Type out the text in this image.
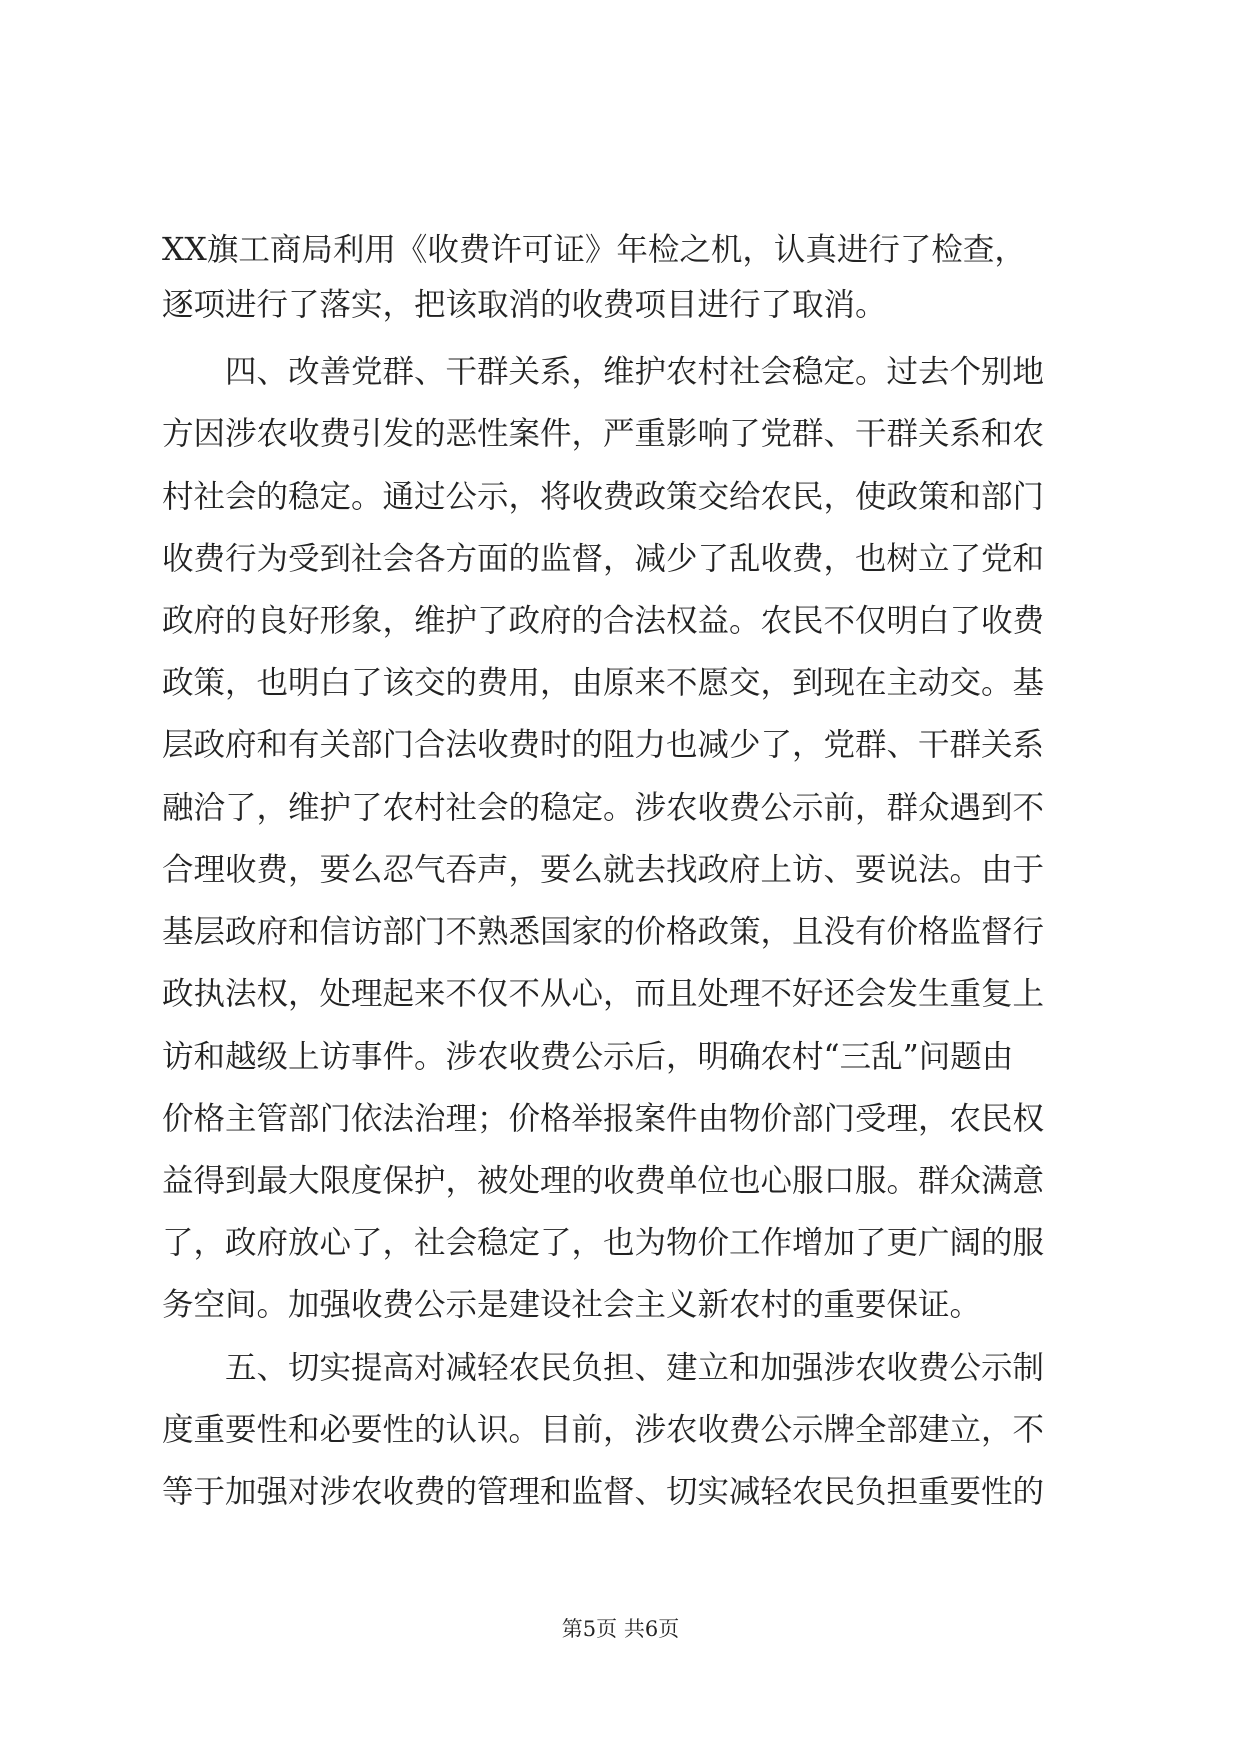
XX旗工商局利用《收费许可证》年检之机，认真进行了检查，

逐项进行了落实，把该取消的收费项目进行了取消。

　　四、改善党群、干群关系，维护农村社会稳定。过去个别地

方因涉农收费引发的恶性案件，严重影响了党群、干群关系和农

村社会的稳定。通过公示，将收费政策交给农民，使政策和部门

收费行为受到社会各方面的监督，减少了乱收费，也树立了党和

政府的良好形象，维护了政府的合法权益。农民不仅明白了收费

政策，也明白了该交的费用，由原来不愿交，到现在主动交。基

层政府和有关部门合法收费时的阻力也减少了，党群、干群关系

融洽了，维护了农村社会的稳定。涉农收费公示前，群众遇到不

合理收费，要么忍气吞声，要么就去找政府上访、要说法。由于

基层政府和信访部门不熟悉国家的价格政策，且没有价格监督行

政执法权，处理起来不仅不从心，而且处理不好还会发生重复上

访和越级上访事件。涉农收费公示后，明确农村“三乱”问题由

价格主管部门依法治理；价格举报案件由物价部门受理，农民权

益得到最大限度保护，被处理的收费单位也心服口服。群众满意

了，政府放心了，社会稳定了，也为物价工作增加了更广阔的服

务空间。加强收费公示是建设社会主义新农村的重要保证。

　　五、切实提高对减轻农民负担、建立和加强涉农收费公示制

度重要性和必要性的认识。目前，涉农收费公示牌全部建立，不

等于加强对涉农收费的管理和监督、切实减轻农民负担重要性的

第5页 共6页
